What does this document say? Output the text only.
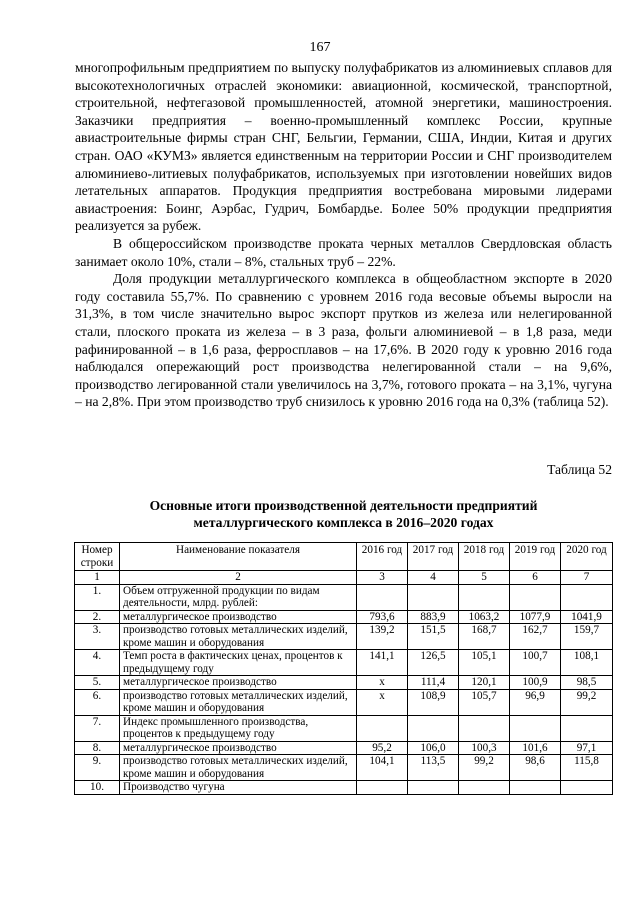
167

многопрофильным предприятием по выпуску полуфабрикатов из алюминиевых сплавов для высокотехнологичных отраслей экономики: авиационной, космической, транспортной, строительной, нефтегазовой промышленностей, атомной энергетики, машиностроения. Заказчики предприятия – военно-промышленный комплекс России, крупные авиастроительные фирмы стран СНГ, Бельгии, Германии, США, Индии, Китая и других стран. ОАО «КУМЗ» является единственным на территории России и СНГ производителем алюминиево-литиевых полуфабрикатов, используемых при изготовлении новейших видов летательных аппаратов. Продукция предприятия востребована мировыми лидерами авиастроения: Боинг, Аэрбас, Гудрич, Бомбардье. Более 50% продукции предприятия реализуется за рубеж.

В общероссийском производстве проката черных металлов Свердловская область занимает около 10%, стали – 8%, стальных труб – 22%.

Доля продукции металлургического комплекса в общеобластном экспорте в 2020 году составила 55,7%. По сравнению с уровнем 2016 года весовые объемы выросли на 31,3%, в том числе значительно вырос экспорт прутков из железа или нелегированной стали, плоского проката из железа – в 3 раза, фольги алюминиевой – в 1,8 раза, меди рафинированной – в 1,6 раза, ферросплавов – на 17,6%. В 2020 году к уровню 2016 года наблюдался опережающий рост производства нелегированной стали – на 9,6%, производство легированной стали увеличилось на 3,7%, готового проката – на 3,1%, чугуна – на 2,8%. При этом производство труб снизилось к уровню 2016 года на 0,3% (таблица 52).

Таблица 52
Основные итоги производственной деятельности предприятий
металлургического комплекса в 2016–2020 годах
Номер строки	Наименование показателя	2016 год	2017 год	2018 год	2019 год	2020 год
1	2	3	4	5	6	7
1.	Объем отгруженной продукции по видам деятельности, млрд. рублей:					
2.	металлургическое производство	793,6	883,9	1063,2	1077,9	1041,9
3.	производство готовых металлических изделий, кроме машин и оборудования	139,2	151,5	168,7	162,7	159,7
4.	Темп роста в фактических ценах, процентов к предыдущему году	141,1	126,5	105,1	100,7	108,1
5.	металлургическое производство	х	111,4	120,1	100,9	98,5
6.	производство готовых металлических изделий, кроме машин и оборудования	х	108,9	105,7	96,9	99,2
7.	Индекс промышленного производства, процентов к предыдущему году					
8.	металлургическое производство	95,2	106,0	100,3	101,6	97,1
9.	производство готовых металлических изделий, кроме машин и оборудования	104,1	113,5	99,2	98,6	115,8
10.	Производство чугуна					
